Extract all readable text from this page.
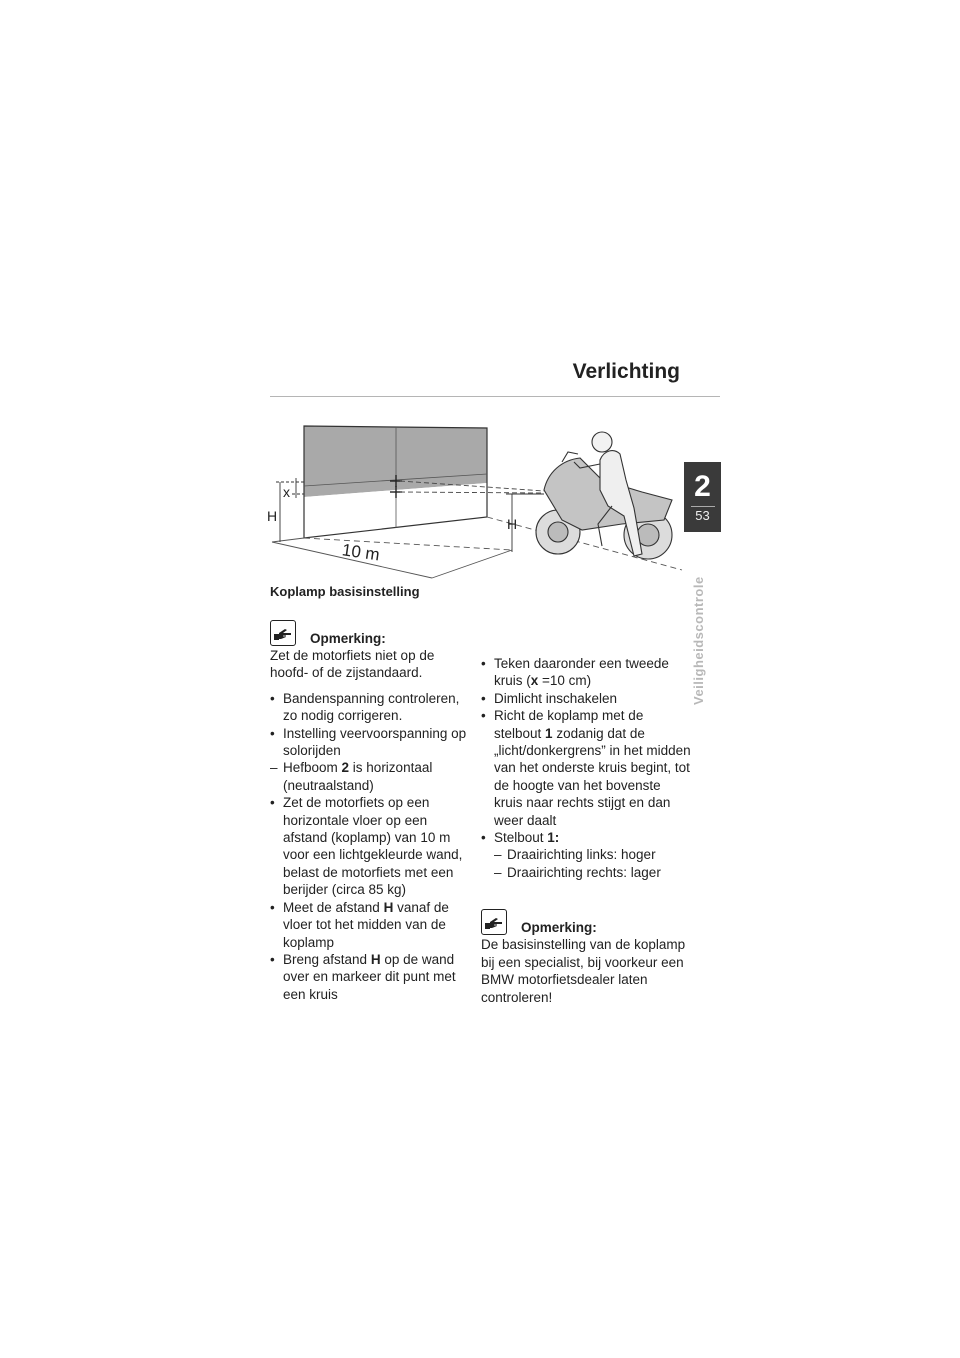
Verlichting
2
53
Veiligheidscontrole
x
H	H
10 m
Koplamp basisinstelling
Opmerking:

Zet de motorfiets niet op de hoofd- of de zijstandaard.

• Bandenspanning controleren, zo nodig corrigeren.
• Instelling veervoorspanning op solorijden
– Hefboom 2 is horizontaal (neutraalstand)
• Zet de motorfiets op een horizontale vloer op een afstand (koplamp) van 10 m voor een lichtgekleurde wand, belast de motorfiets met een berijder (circa 85 kg)
• Meet de afstand H vanaf de vloer tot het midden van de koplamp
• Breng afstand H op de wand over en markeer dit punt met een kruis
• Teken daaronder een tweede kruis (x =10 cm)
• Dimlicht inschakelen
• Richt de koplamp met de stelbout 1 zodanig dat de „licht/donkergrens” in het midden van het onderste kruis begint, tot de hoogte van het bovenste kruis naar rechts stijgt en dan weer daalt
• Stelbout 1:
– Draairichting links: hoger
– Draairichting rechts: lager
Opmerking:

De basisinstelling van de koplamp bij een specialist, bij voorkeur een BMW motorfietsdealer laten controleren!
